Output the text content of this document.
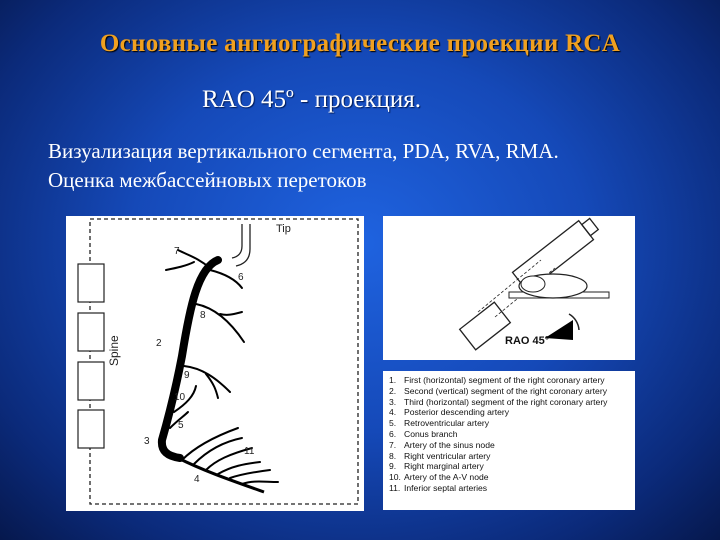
Основные ангиографические проекции RCA
RAO 45º - проекция.
Визуализация вертикального сегмента, PDA, RVA, RMA.
Оценка межбассейновых перетоков
Spine
Tip
2
3
4
5
6
7
8
9
10
11
RAO 45°
1. First (horizontal) segment of the right coronary artery
2. Second (vertical) segment of the right coronary artery
3. Third (horizontal) segment of the right coronary artery
4. Posterior descending artery
5. Retroventricular artery
6. Conus branch
7. Artery of the sinus node
8. Right ventricular artery
9. Right marginal artery
10. Artery of the A-V node
11. Inferior septal arteries
